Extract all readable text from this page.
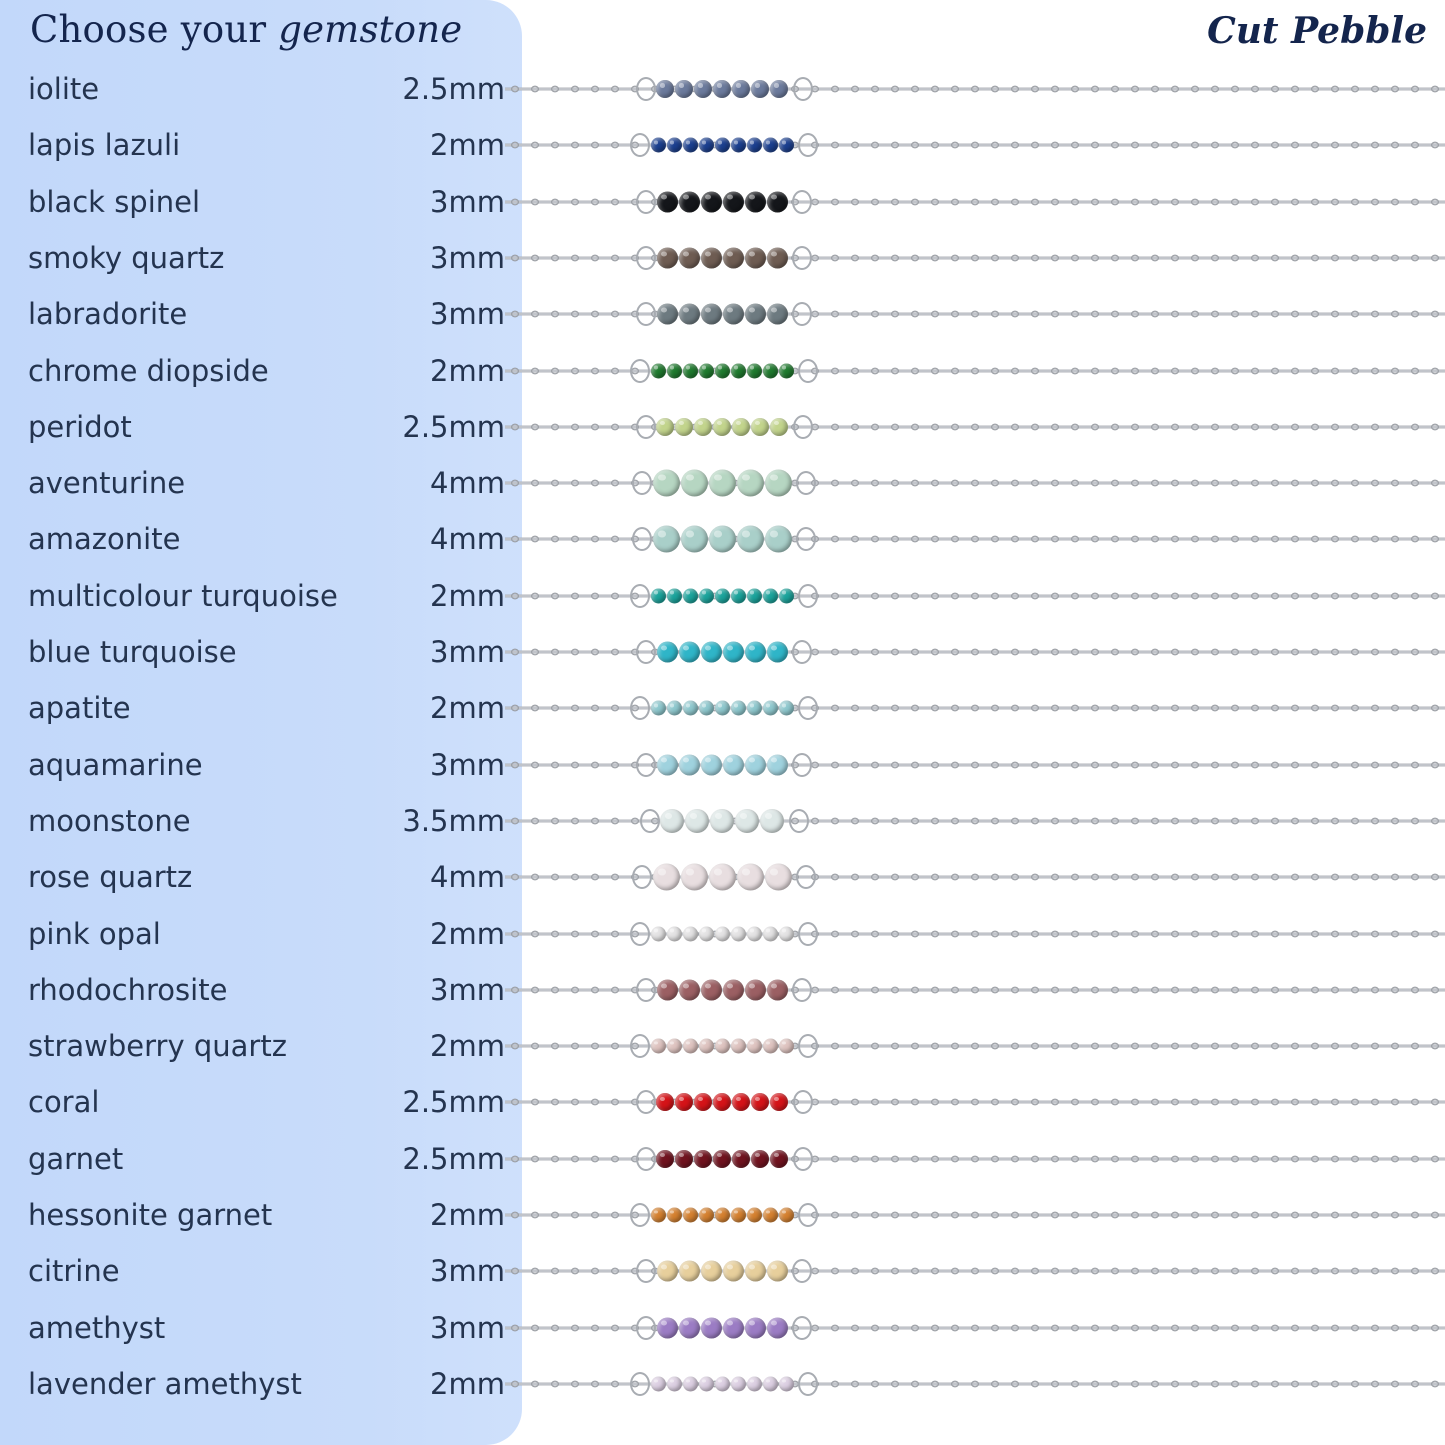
Choose your gemstone	Cut Pebble
iolite	2.5mm
lapis lazuli	2mm
black spinel	3mm
smoky quartz	3mm
labradorite	3mm
chrome diopside	2mm
peridot	2.5mm
aventurine	4mm
amazonite	4mm
multicolour turquoise	2mm
blue turquoise	3mm
apatite	2mm
aquamarine	3mm
moonstone	3.5mm
rose quartz	4mm
pink opal	2mm
rhodochrosite	3mm
strawberry quartz	2mm
coral	2.5mm
garnet	2.5mm
hessonite garnet	2mm
citrine	3mm
amethyst	3mm
lavender amethyst	2mm
